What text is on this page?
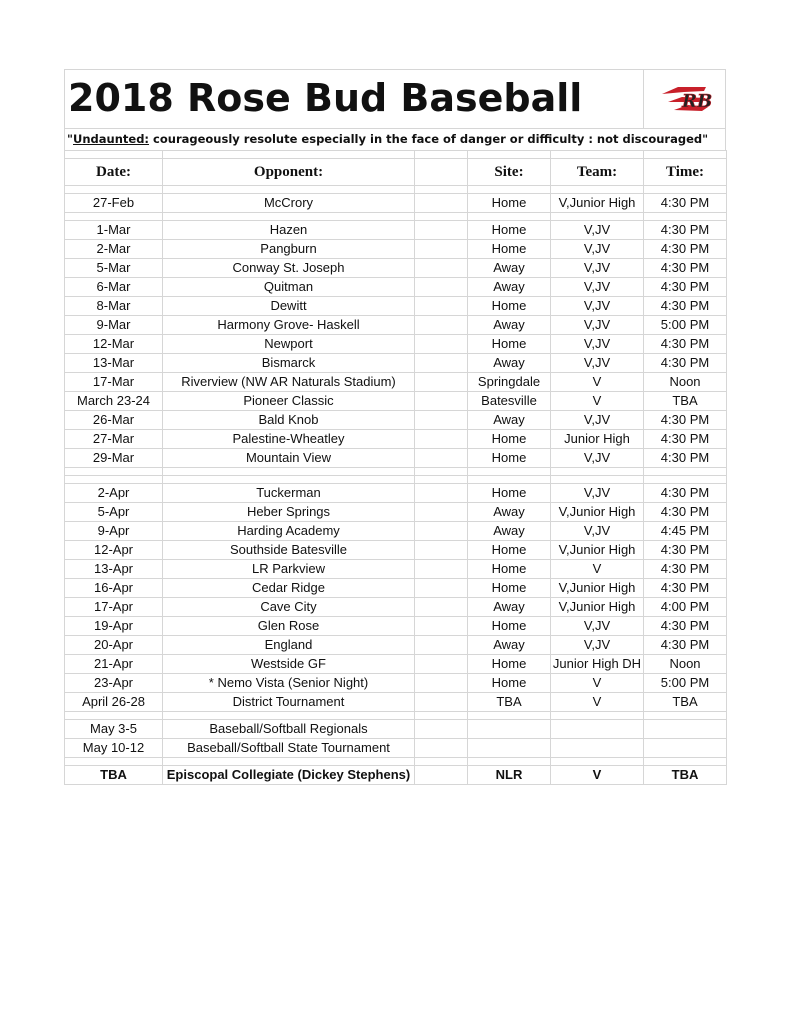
2018 Rose Bud Baseball	RB
"Undaunted: courageously resolute especially in the face of danger or difficulty : not discouraged"

Date:	Opponent:		Site:	Team:	Time:

27-Feb	McCrory		Home	V,Junior High	4:30 PM

1-Mar	Hazen		Home	V,JV	4:30 PM
2-Mar	Pangburn		Home	V,JV	4:30 PM
5-Mar	Conway St. Joseph		Away	V,JV	4:30 PM
6-Mar	Quitman		Away	V,JV	4:30 PM
8-Mar	Dewitt		Home	V,JV	4:30 PM
9-Mar	Harmony Grove- Haskell		Away	V,JV	5:00 PM
12-Mar	Newport		Home	V,JV	4:30 PM
13-Mar	Bismarck		Away	V,JV	4:30 PM
17-Mar	Riverview (NW AR Naturals Stadium)		Springdale	V	Noon
March 23-24	Pioneer Classic		Batesville	V	TBA
26-Mar	Bald Knob		Away	V,JV	4:30 PM
27-Mar	Palestine-Wheatley		Home	Junior High	4:30 PM
29-Mar	Mountain View		Home	V,JV	4:30 PM

2-Apr	Tuckerman		Home	V,JV	4:30 PM
5-Apr	Heber Springs		Away	V,Junior High	4:30 PM
9-Apr	Harding Academy		Away	V,JV	4:45 PM
12-Apr	Southside Batesville		Home	V,Junior High	4:30 PM
13-Apr	LR Parkview		Home	V	4:30 PM
16-Apr	Cedar Ridge		Home	V,Junior High	4:30 PM
17-Apr	Cave City		Away	V,Junior High	4:00 PM
19-Apr	Glen Rose		Home	V,JV	4:30 PM
20-Apr	England		Away	V,JV	4:30 PM
21-Apr	Westside GF		Home	Junior High DH	Noon
23-Apr	* Nemo Vista (Senior Night)		Home	V	5:00 PM
April 26-28	District Tournament		TBA	V	TBA

May 3-5	Baseball/Softball Regionals				
May 10-12	Baseball/Softball State Tournament				

TBA	Episcopal Collegiate (Dickey Stephens)		NLR	V	TBA
